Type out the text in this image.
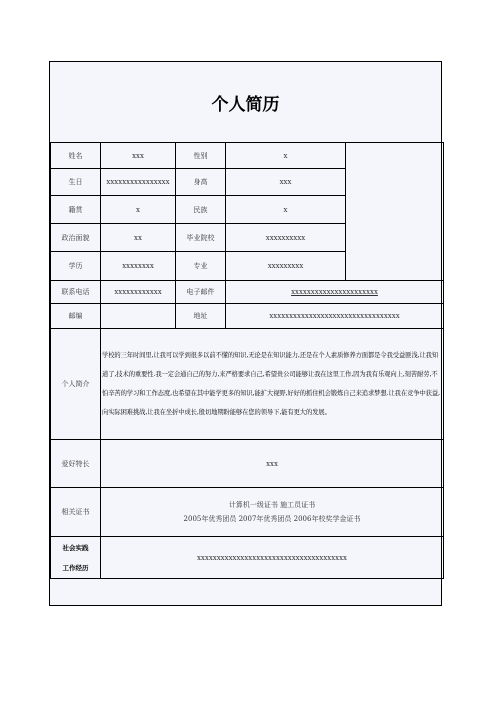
个人简历
姓名	xxx	性别	x	
生日	xxxxxxxxxxxxxxxx	身高	xxx	
籍贯	x	民族	x	
政治面貌	xx	毕业院校	xxxxxxxxxx	
学历	xxxxxxxx	专业	xxxxxxxxx	
联系电话	xxxxxxxxxxxx	电子邮件	xxxxxxxxxxxxxxxxxxxxxx	
邮编		地址	xxxxxxxxxxxxxxxxxxxxxxxxxxxxxxxxx	
个人简介	学校的三年时间里,让我可以学到很多以前不懂的知识,无论是在知识能力,还是在个人素质修养方面都是令我受益匪浅,让我知道了,技术的重要性.我一定会通自己的努力,来严格要求自己,希望贵公司能够让我在这里工作,因为我有乐观向上,刻苦耐劳,不怕辛苦的学习和工作态度,也希望在其中能学更多的知识,能扩大视野,好好的抓住机会锻炼自己来追求梦想.让我在竞争中获益,向实际困难挑战,让我在坐折中成长,殷切地期盼能够在您的领导下,能有更大的发展。			
爱好特长	xxx			
相关证书	计算机一级证书 施工员证书
2005年优秀团员 2007年优秀团员 2006年校奖学金证书			

社会实践
工作经历	xxxxxxxxxxxxxxxxxxxxxxxxxxxxxxxxxxxxxx			
